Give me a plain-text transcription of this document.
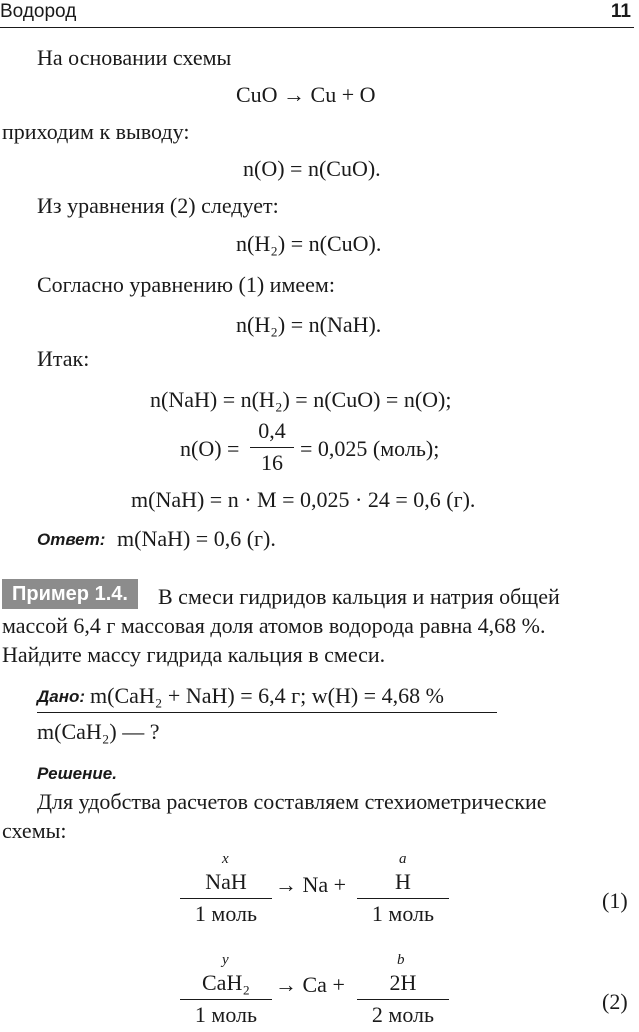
Водород	11
На основании схемы
CuO → Cu + O
приходим к выводу:
n(O) = n(CuO).
Из уравнения (2) следует:
n(H₂) = n(CuO).
Согласно уравнению (1) имеем:
n(H₂) = n(NaH).
Итак:
n(NaH) = n(H₂) = n(CuO) = n(O);
n(O) =
0,4
16
= 0,025 (моль);
m(NaH) = n · M = 0,025 · 24 = 0,6 (г).
Ответ: m(NaH) = 0,6 (г).
Пример 1.4.	В смеси гидридов кальция и натрия общей
массой 6,4 г массовая доля атомов водорода равна 4,68 %.
Найдите массу гидрида кальция в смеси.
Дано: m(CaH₂ + NaH) = 6,4 г; w(H) = 4,68 %
m(CaH₂) — ?
Решение.
Для удобства расчетов составляем стехиометрические
схемы:
x
NaH
1 моль
→ Na +
a
H
1 моль
(1)
y
CaH₂
1 моль
→ Ca +
b
2H
2 моль
(2)
